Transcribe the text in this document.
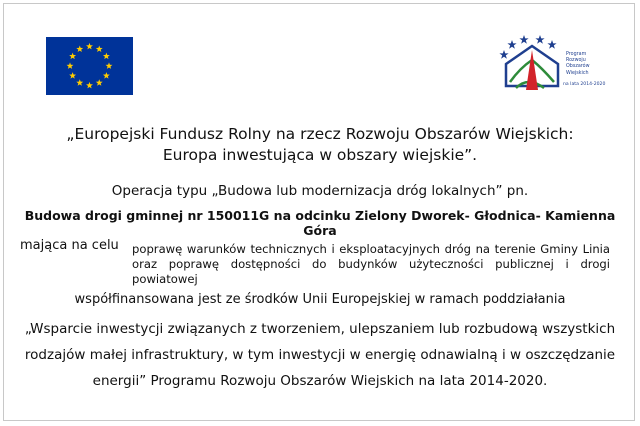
Program
Rozwoju
Obszarów
Wiejskich
na lata 2014-2020
„Europejski Fundusz Rolny na rzecz Rozwoju Obszarów Wiejskich:
Europa inwestująca w obszary wiejskie”.
Operacja typu „Budowa lub modernizacja dróg lokalnych” pn.
Budowa drogi gminnej nr 150011G na odcinku Zielony Dworek- Głodnica- Kamienna
Góra
mająca na celu poprawę warunków technicznych i eksploatacyjnych dróg na terenie Gminy Linia oraz poprawę dostępności do budynków użyteczności publicznej i drogi powiatowej
współfinansowana jest ze środków Unii Europejskiej w ramach poddziałania
„Wsparcie inwestycji związanych z tworzeniem, ulepszaniem lub rozbudową wszystkich
rodzajów małej infrastruktury, w tym inwestycji w energię odnawialną i w oszczędzanie
energii” Programu Rozwoju Obszarów Wiejskich na lata 2014-2020.
